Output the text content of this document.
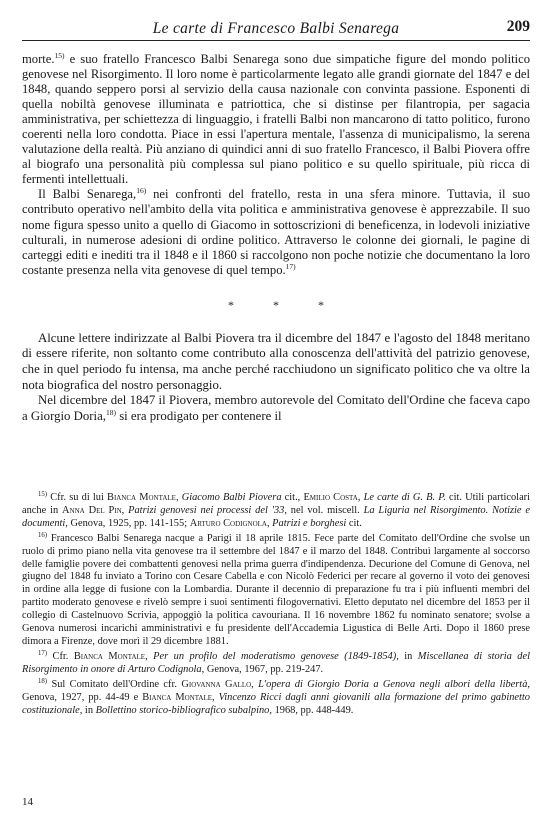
Le carte di Francesco Balbi Senarega	209

morte.$^{15)}$ e suo fratello Francesco Balbi Senarega sono due simpatiche figure del mondo politico genovese nel Risorgimento. Il loro nome è particolarmente legato alle grandi giornate del 1847 e del 1848, quando seppero porsi al servizio della causa nazionale con convinta passione. Esponenti di quella nobiltà genovese illuminata e patriottica, che si distinse per filantropia, per sagacia amministrativa, per schiettezza di linguaggio, i fratelli Balbi non mancarono di tatto politico, furono coerenti nella loro condotta. Piace in essi l'apertura mentale, l'assenza di municipalismo, la serena valutazione della realtà. Più anziano di quindici anni di suo fratello Francesco, il Balbi Piovera offre al biografo una personalità più complessa sul piano politico e su quello spirituale, più ricca di fermenti intellettuali.

Il Balbi Senarega,$^{16)}$ nei confronti del fratello, resta in una sfera minore. Tuttavia, il suo contributo operativo nell'ambito della vita politica e amministrativa genovese è apprezzabile. Il suo nome figura spesso unito a quello di Giacomo in sottoscrizioni di beneficenza, in lodevoli iniziative culturali, in numerose adesioni di ordine politico. Attraverso le colonne dei giornali, le pagine di carteggi editi e inediti tra il 1848 e il 1860 si raccolgono non poche notizie che documentano la loro costante presenza nella vita genovese di quel tempo.$^{17)}$

* * *

Alcune lettere indirizzate al Balbi Piovera tra il dicembre del 1847 e l'agosto del 1848 meritano di essere riferite, non soltanto come contributo alla conoscenza dell'attività del patrizio genovese, che in quel periodo fu intensa, ma anche perché racchiudono un significato politico che va oltre la nota biografica del nostro personaggio.

Nel dicembre del 1847 il Piovera, membro autorevole del Comitato dell'Ordine che faceva capo a Giorgio Doria,$^{18)}$ si era prodigato per contenere il

$^{15)}$ Cfr. su di lui Bianca Montale, Giacomo Balbi Piovera cit., Emilio Costa, Le carte di G. B. P. cit. Utili particolari anche in Anna Del Pin, Patrizi genovesi nei processi del '33, nel vol. miscell. La Liguria nel Risorgimento. Notizie e documenti, Genova, 1925, pp. 141-155; Arturo Codignola, Patrizi e borghesi cit.

$^{16)}$ Francesco Balbi Senarega nacque a Parigi il 18 aprile 1815. Fece parte del Comitato dell'Ordine che svolse un ruolo di primo piano nella vita genovese tra il settembre del 1847 e il marzo del 1848. Contribuì largamente al soccorso delle famiglie povere dei combattenti genovesi nella prima guerra d'indipendenza. Decurione del Comune di Genova, nel giugno del 1848 fu inviato a Torino con Cesare Cabella e con Nicolò Federici per recare al governo il voto dei genovesi in ordine alla legge di fusione con la Lombardia. Durante il decennio di preparazione fu tra i più influenti membri del partito moderato genovese e rivelò sempre i suoi sentimenti filogovernativi. Eletto deputato nel dicembre del 1853 per il collegio di Castelnuovo Scrivia, appoggiò la politica cavouriana. Il 16 novembre 1862 fu nominato senatore; svolse a Genova numerosi incarichi amministrativi e fu presidente dell'Accademia Ligustica di Belle Arti. Dopo il 1860 prese dimora a Firenze, dove morì il 29 dicembre 1881.

$^{17)}$ Cfr. Bianca Montale, Per un profilo del moderatismo genovese (1849-1854), in Miscellanea di storia del Risorgimento in onore di Arturo Codignola, Genova, 1967, pp. 219-247.

$^{18)}$ Sul Comitato dell'Ordine cfr. Giovanna Gallo, L'opera di Giorgio Doria a Genova negli albori della libertà, Genova, 1927, pp. 44-49 e Bianca Montale, Vincenzo Ricci dagli anni giovanili alla formazione del primo gabinetto costituzionale, in Bollettino storico-bibliografico subalpino, 1968, pp. 448-449.

14
